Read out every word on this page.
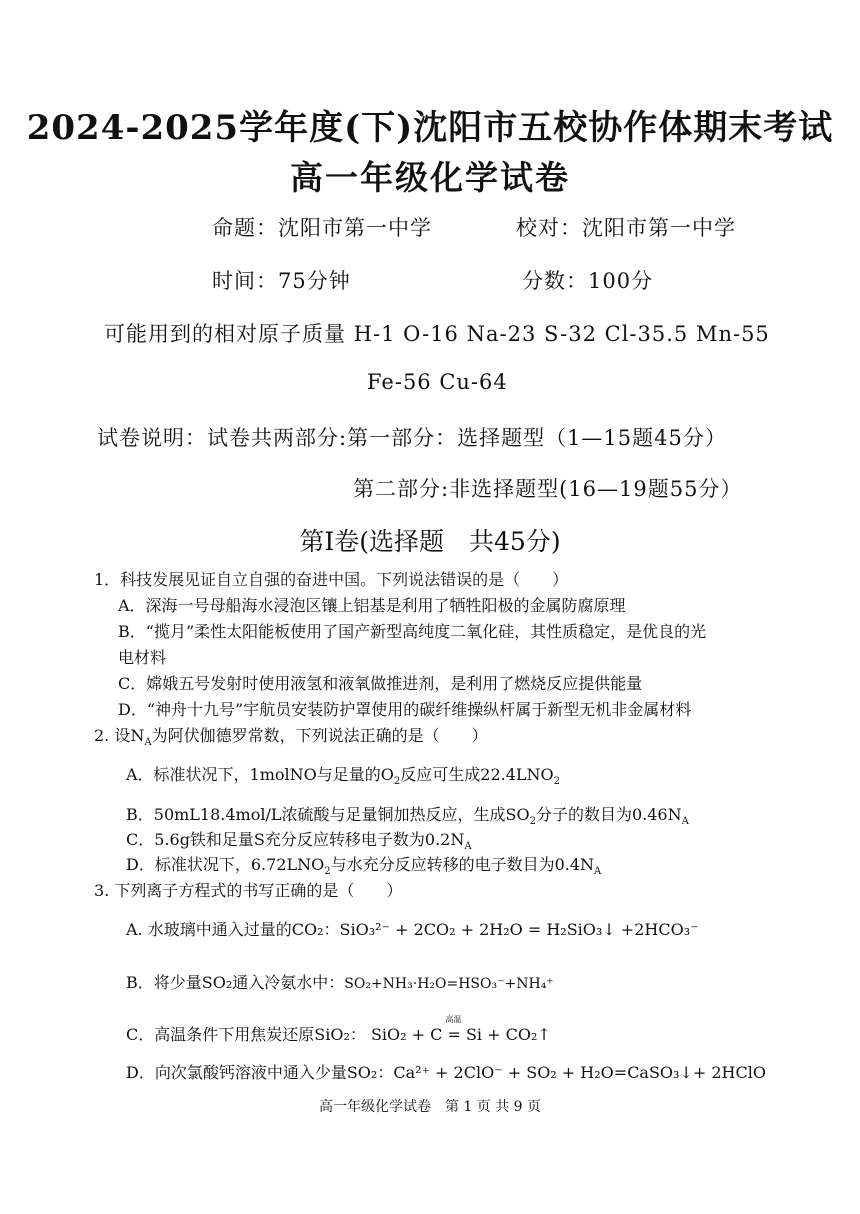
2024-2025学年度(下)沈阳市五校协作体期末考试
高一年级化学试卷
命题：沈阳市第一中学	校对：沈阳市第一中学
时间：75分钟	分数：100分
可能用到的相对原子质量 H-1 O-16 Na-23 S-32 Cl-35.5 Mn-55
Fe-56 Cu-64
试卷说明：试卷共两部分:第一部分：选择题型（1—15题45分）
第二部分:非选择题型(16—19题55分）
第Ⅰ卷(选择题　共45分)
1．科技发展见证自立自强的奋进中国。下列说法错误的是（　　）
A．深海一号母船海水浸泡区镶上铝基是利用了牺牲阳极的金属防腐原理
B．“揽月”柔性太阳能板使用了国产新型高纯度二氧化硅，其性质稳定，是优良的光
电材料
C．嫦娥五号发射时使用液氢和液氧做推进剂，是利用了燃烧反应提供能量
D．“神舟十九号”宇航员安装防护罩使用的碳纤维操纵杆属于新型无机非金属材料
2. 设$N_A$为阿伏伽德罗常数，下列说法正确的是（　　）
A．标准状况下，1molNO与足量的$O_2$反应可生成$22.4LNO_2$
B．50mL18.4mol/L浓硫酸与足量铜加热反应，生成$SO_2$分子的数目为$0.46N_A$
C．5.6g铁和足量S充分反应转移电子数为$0.2N_A$
D．标准状况下，$6.72LNO_2$与水充分反应转移的电子数目为$0.4N_A$
3. 下列离子方程式的书写正确的是（　　）
A. 水玻璃中通入过量的CO₂：SiO₃²⁻ + 2CO₂ + 2H₂O = H₂SiO₃↓ +2HCO₃⁻
B．将少量SO₂通入冷氨水中：SO₂+NH₃·H₂O=HSO₃⁻+NH₄⁺
C．高温条件下用焦炭还原SiO₂： SiO₂ + C
高温
= Si + CO₂↑
D．向次氯酸钙溶液中通入少量SO₂：Ca²⁺ + 2ClO⁻ + SO₂ + H₂O=CaSO₃↓+ 2HClO
高一年级化学试卷　第 1 页 共 9 页
